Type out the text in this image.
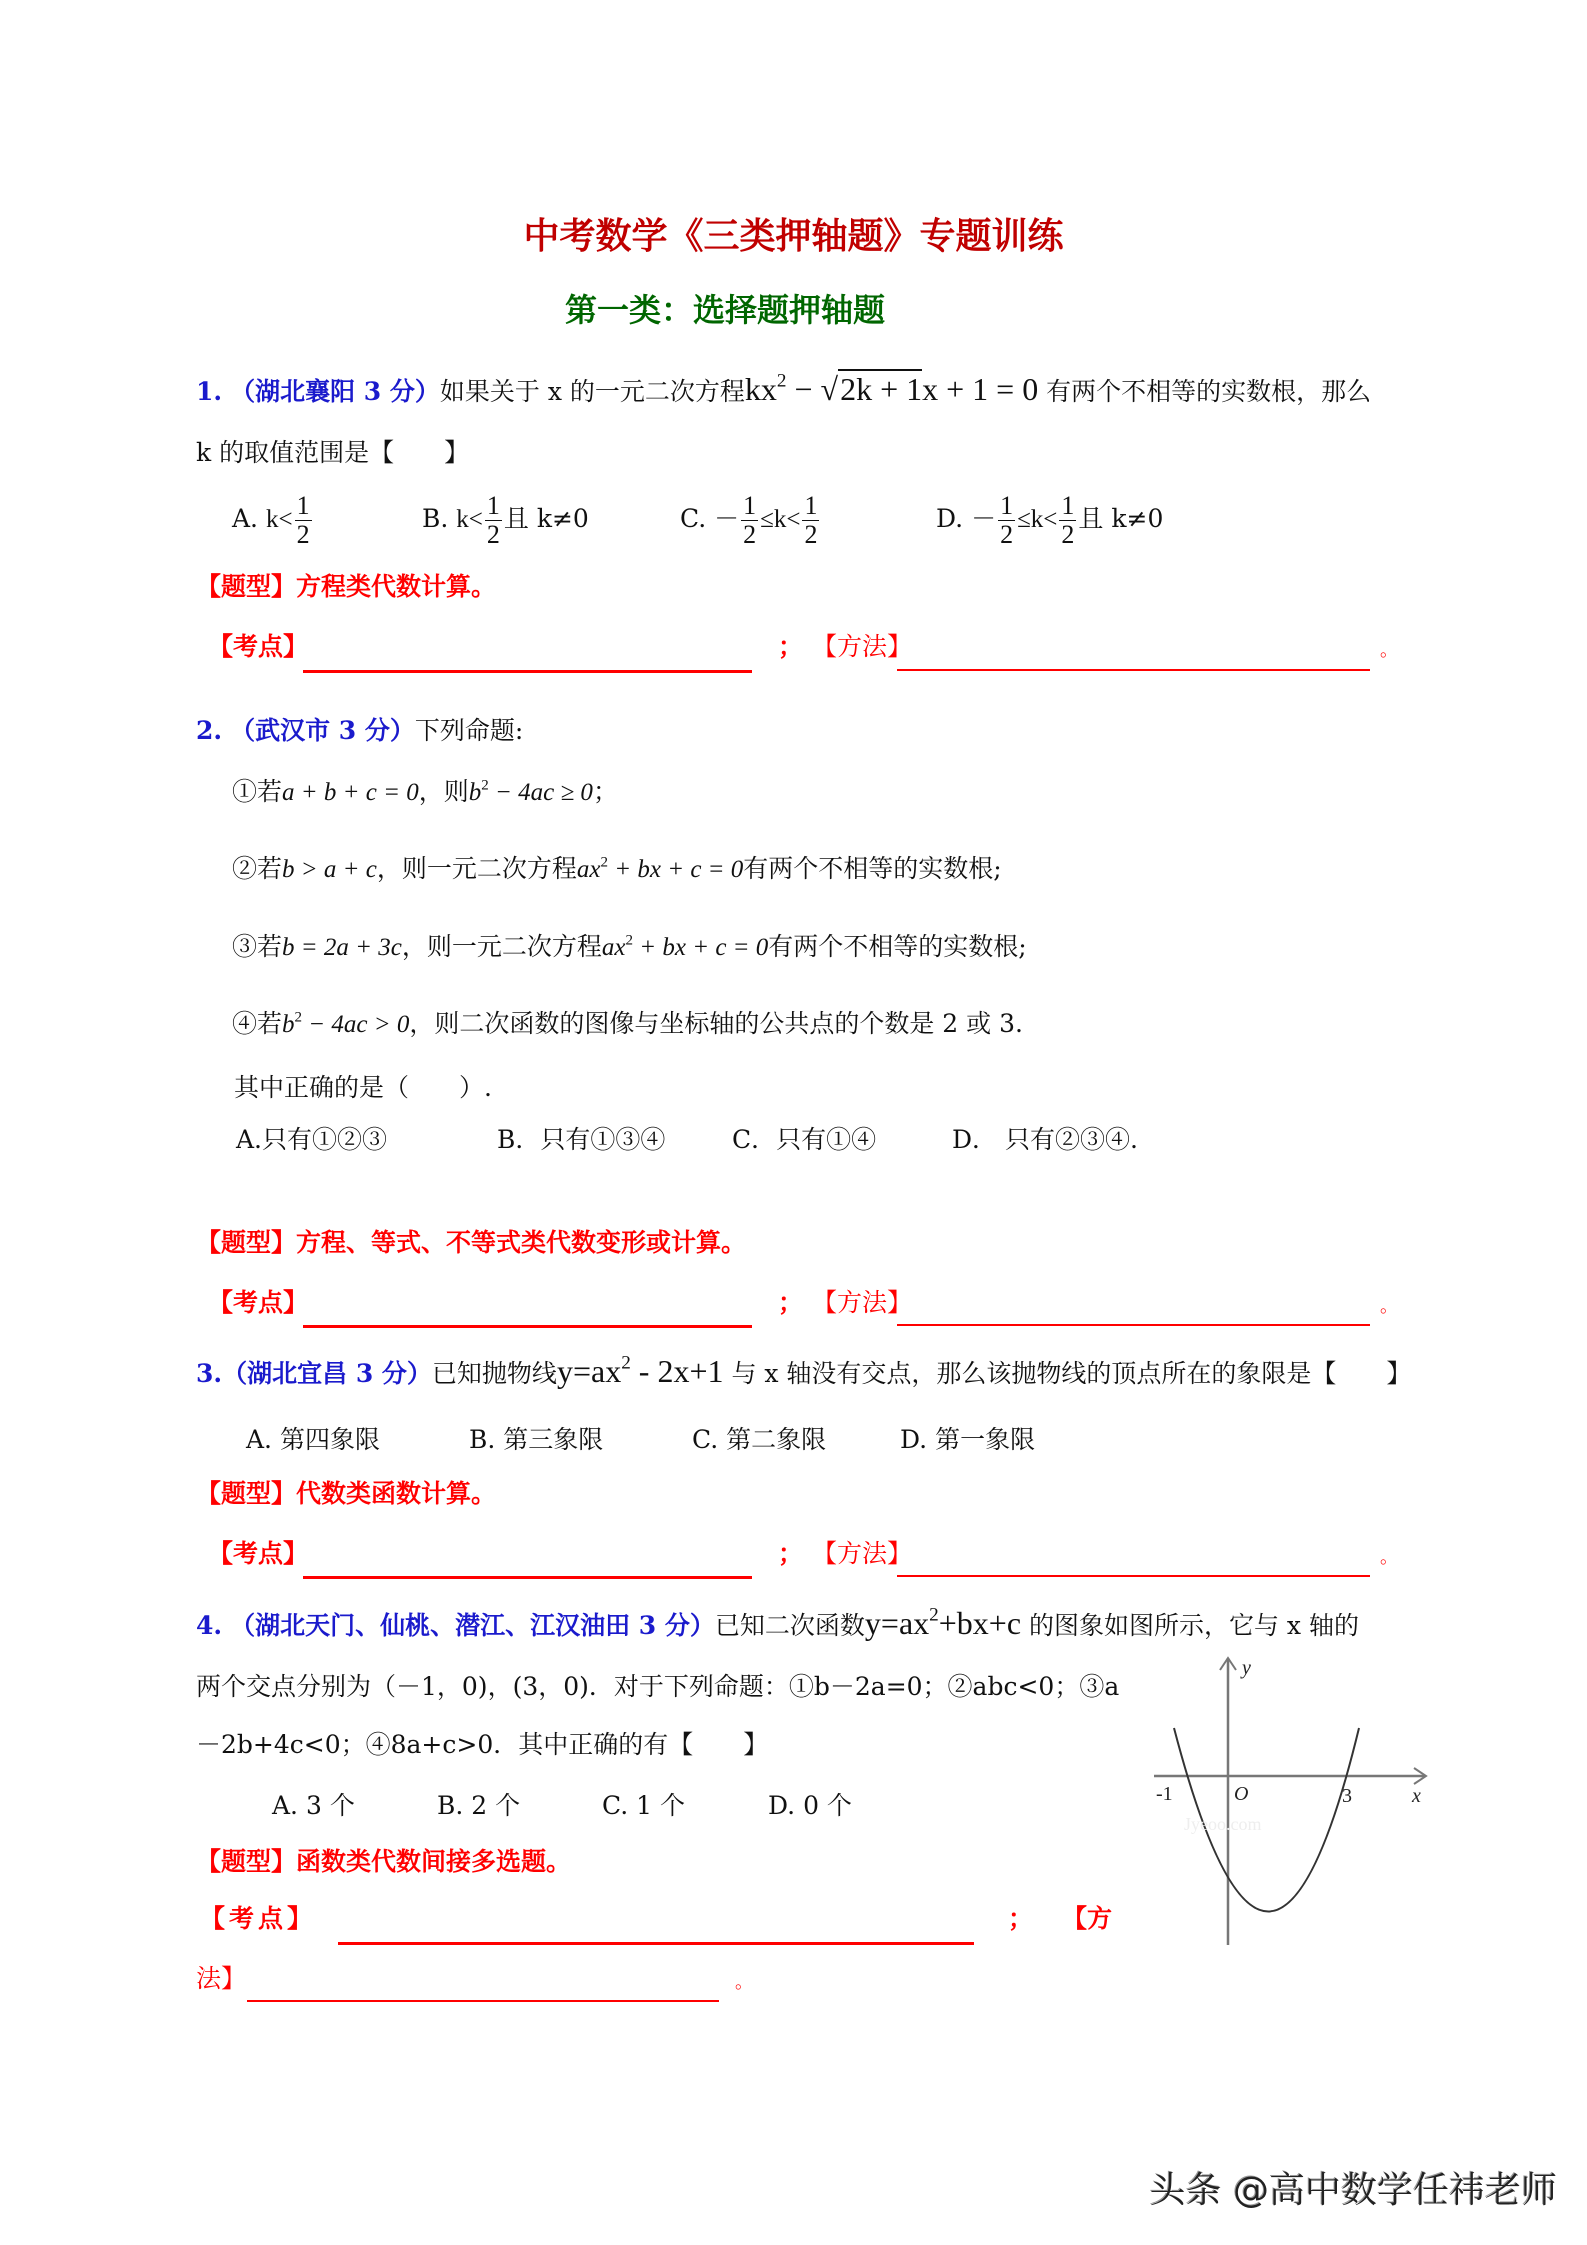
中考数学《三类押轴题》专题训练
第一类：选择题押轴题
1. （湖北襄阳 3 分）如果关于 x 的一元二次方程$kx^2 - √2k + 1x + 1 = 0$ 有两个不相等的实数根，那么
k 的取值范围是【　　】
A. $k< \frac{1}{2}$	B. $k< \frac{1}{2}$ 且 k≠0	C. － $\frac{1}{2} \le k< \frac{1}{2}$	D. － $\frac{1}{2} \le k< \frac{1}{2}$ 且 k≠0
【题型】方程类代数计算。
【考点】	； 【方法】	。
2. （武汉市 3 分）下列命题:
①若a + b + c = 0，则$b^2 - 4ac \ge 0$；
②若b > a + c，则一元二次方程$ax^2$ + bx + c = 0有两个不相等的实数根;
③若b = 2a + 3c，则一元二次方程$ax^2$ + bx + c = 0有两个不相等的实数根;
④若$b^2 - 4ac > 0$，则二次函数的图像与坐标轴的公共点的个数是 2 或 3.
其中正确的是（　　）.
A.只有①②③	B．只有①③④	C．只有①④	D． 只有②③④.
【题型】方程、等式、不等式类代数变形或计算。
【考点】	； 【方法】	。
3.（湖北宜昌 3 分）已知抛物线$y=ax^2 - 2x+1$ 与 x 轴没有交点，那么该抛物线的顶点所在的象限是【　　】
A. 第四象限	B. 第三象限	C. 第二象限	D. 第一象限
【题型】代数类函数计算。
【考点】	； 【方法】	。
4. （湖北天门、仙桃、潜江、江汉油田 3 分）已知二次函数$y=ax^2+bx+c$ 的图象如图所示，它与 x 轴的
两个交点分别为（－1，0)，(3，0)．对于下列命题：①b－2a=0；②abc<0；③a
－2b+4c<0；④8a+c>0．其中正确的有【　　】
A. 3 个	B. 2 个	C. 1 个	D. 0 个
【题型】函数类代数间接多选题。
【考点】	； 【方
法】	。
-1	O	3	x
y
Jyeoo.com
头条 @高中数学任祎老师
